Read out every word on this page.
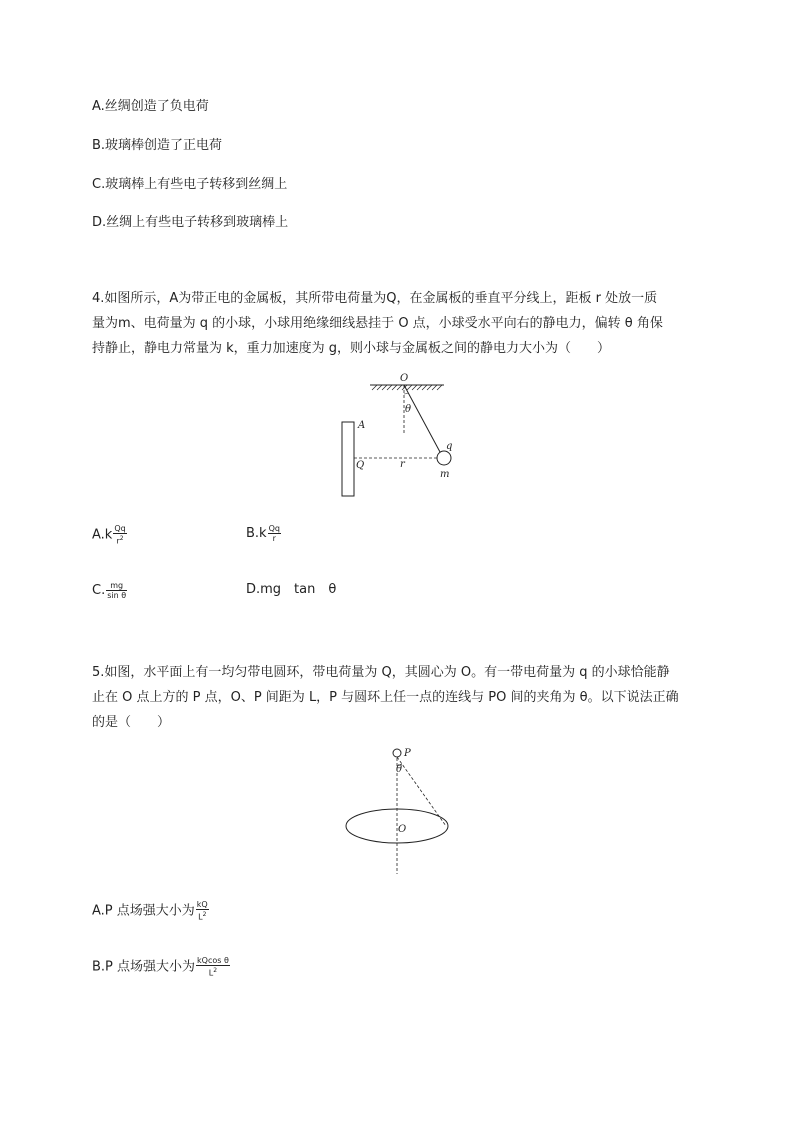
A.丝绸创造了负电荷
B.玻璃棒创造了正电荷
C.玻璃棒上有些电子转移到丝绸上
D.丝绸上有些电子转移到玻璃棒上
4.如图所示，A为带正电的金属板，其所带电荷量为Q，在金属板的垂直平分线上，距板 r 处放一质
量为m、电荷量为 q 的小球，小球用绝缘细线悬挂于 O 点，小球受水平向右的静电力，偏转 θ 角保
持静止，静电力常量为 k，重力加速度为 g，则小球与金属板之间的静电力大小为（　　）
O
θ
A
Q	r
q
m
$A.k \frac{Qq}{r^2}$	$B.k \frac{Qq}{r}$
C. $\frac{mg}{\text{sin θ}}$	D.mg　tan　θ
5.如图，水平面上有一均匀带电圆环，带电荷量为 Q，其圆心为 O。有一带电荷量为 q 的小球恰能静
止在 O 点上方的 P 点，O、P 间距为 L，P 与圆环上任一点的连线与 PO 间的夹角为 θ。以下说法正确
的是（　　）
P
θ
O
A.P 点场强大小为 $\frac{kQ}{L^2}$
B.P 点场强大小为 $\frac{\text{kQcos θ}}{L^2}$
